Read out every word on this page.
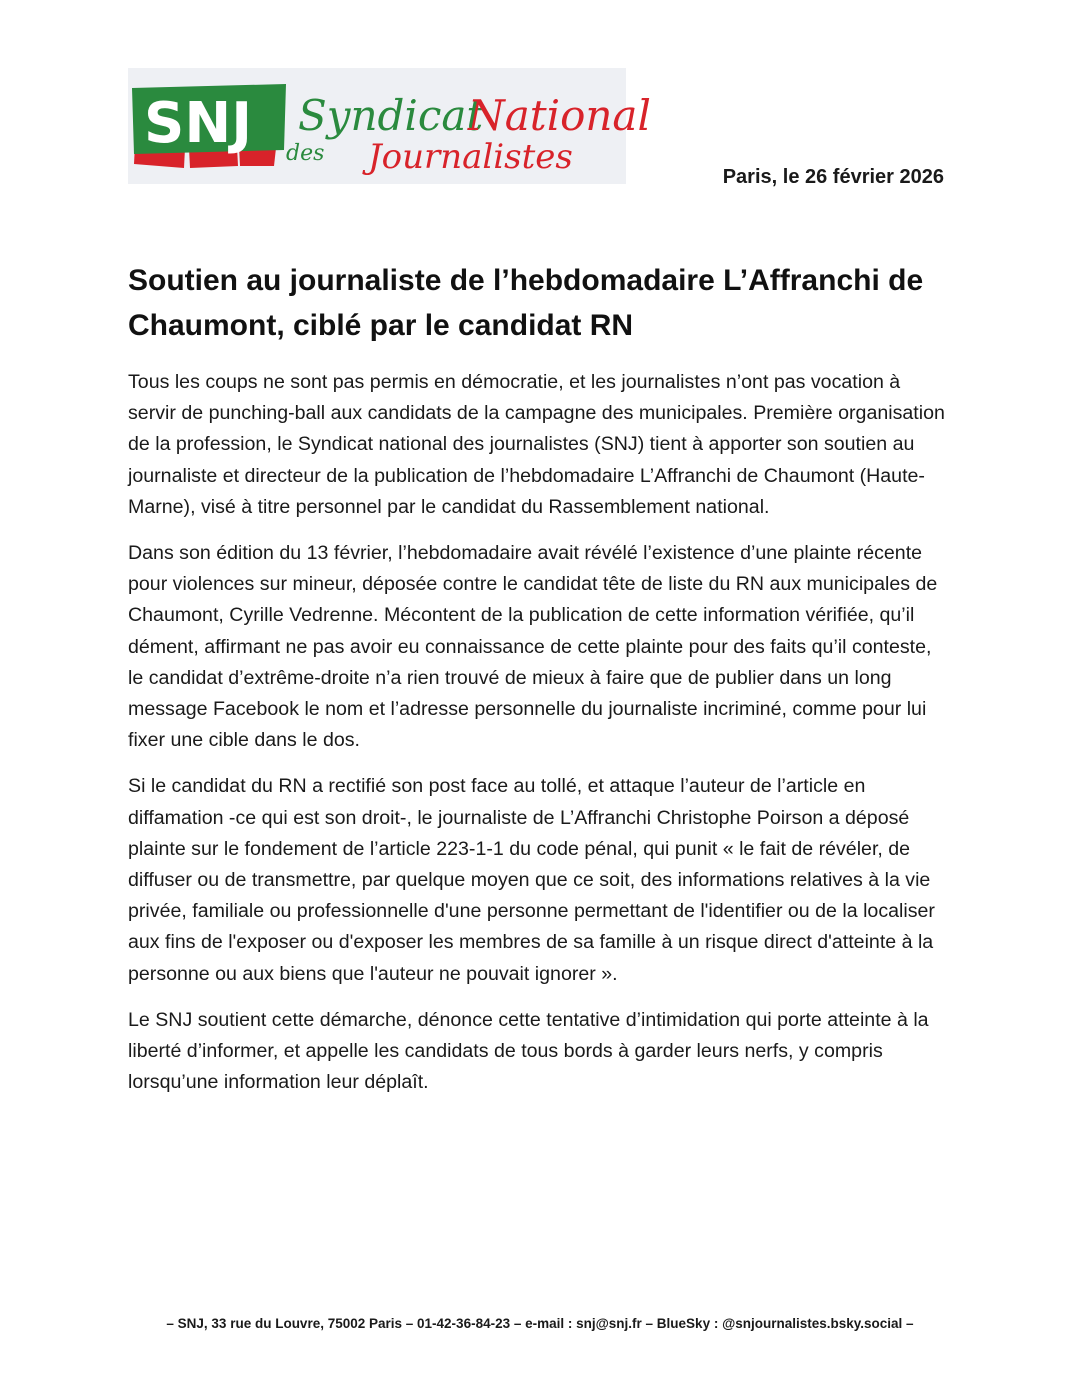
SNJ Syndicat
National
des Journalistes	Paris, le 26 février 2026
Soutien au journaliste de l’hebdomadaire L’Affranchi de Chaumont, ciblé par le candidat RN

Tous les coups ne sont pas permis en démocratie, et les journalistes n’ont pas vocation à servir de punching-ball aux candidats de la campagne des municipales. Première organisation de la profession, le Syndicat national des journalistes (SNJ) tient à apporter son soutien au journaliste et directeur de la publication de l’hebdomadaire L’Affranchi de Chaumont (Haute-Marne), visé à titre personnel par le candidat du Rassemblement national.

Dans son édition du 13 février, l’hebdomadaire avait révélé l’existence d’une plainte récente pour violences sur mineur, déposée contre le candidat tête de liste du RN aux municipales de Chaumont, Cyrille Vedrenne. Mécontent de la publication de cette information vérifiée, qu’il dément, affirmant ne pas avoir eu connaissance de cette plainte pour des faits qu’il conteste, le candidat d’extrême-droite n’a rien trouvé de mieux à faire que de publier dans un long message Facebook le nom et l’adresse personnelle du journaliste incriminé, comme pour lui fixer une cible dans le dos.

Si le candidat du RN a rectifié son post face au tollé, et attaque l’auteur de l’article en diffamation -ce qui est son droit-, le journaliste de L’Affranchi Christophe Poirson a déposé plainte sur le fondement de l’article 223-1-1 du code pénal, qui punit « le fait de révéler, de diffuser ou de transmettre, par quelque moyen que ce soit, des informations relatives à la vie privée, familiale ou professionnelle d'une personne permettant de l'identifier ou de la localiser aux fins de l'exposer ou d'exposer les membres de sa famille à un risque direct d'atteinte à la personne ou aux biens que l'auteur ne pouvait ignorer ».

Le SNJ soutient cette démarche, dénonce cette tentative d’intimidation qui porte atteinte à la liberté d’informer, et appelle les candidats de tous bords à garder leurs nerfs, y compris lorsqu’une information leur déplaît.

– SNJ, 33 rue du Louvre, 75002 Paris – 01-42-36-84-23 – e-mail : snj@snj.fr – BlueSky : @snjournalistes.bsky.social –
